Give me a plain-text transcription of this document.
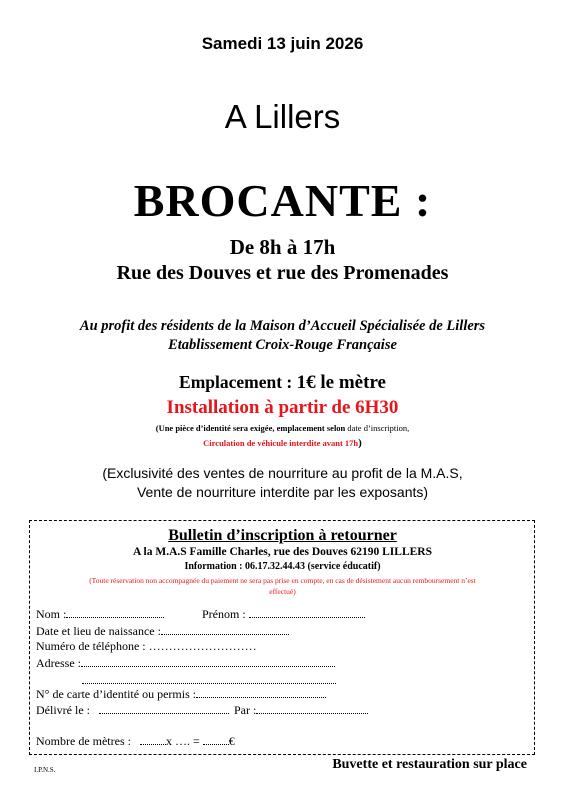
Samedi 13 juin 2026
A Lillers
BROCANTE :
De 8h à 17h
Rue des Douves et rue des Promenades
Au profit des résidents de la Maison d’Accueil Spécialisée de Lillers
Etablissement Croix-Rouge Française
Emplacement : 1€ le mètre
Installation à partir de 6H30
(Une pièce d’identité sera exigée, emplacement selon date d’inscription,
Circulation de véhicule interdite avant 17h)
(Exclusivité des ventes de nourriture au profit de la M.A.S,
Vente de nourriture interdite par les exposants)
Bulletin d’inscription à retourner
A la M.A.S Famille Charles, rue des Douves 62190 LILLERS
Information : 06.17.32.44.43 (service éducatif)
(Toute réservation non accompagnée du paiement ne sera pas prise en compte, en cas de désistement aucun remboursement n’est
effectué)
Nom :	Prénom :
Date et lieu de naissance :
Numéro de téléphone : ………………………
Adresse :
N° de carte d’identité ou permis :
Délivré le :	Par :
Nombre de mètres :	x …. = €
I.P.N.S.	Buvette et restauration sur place
